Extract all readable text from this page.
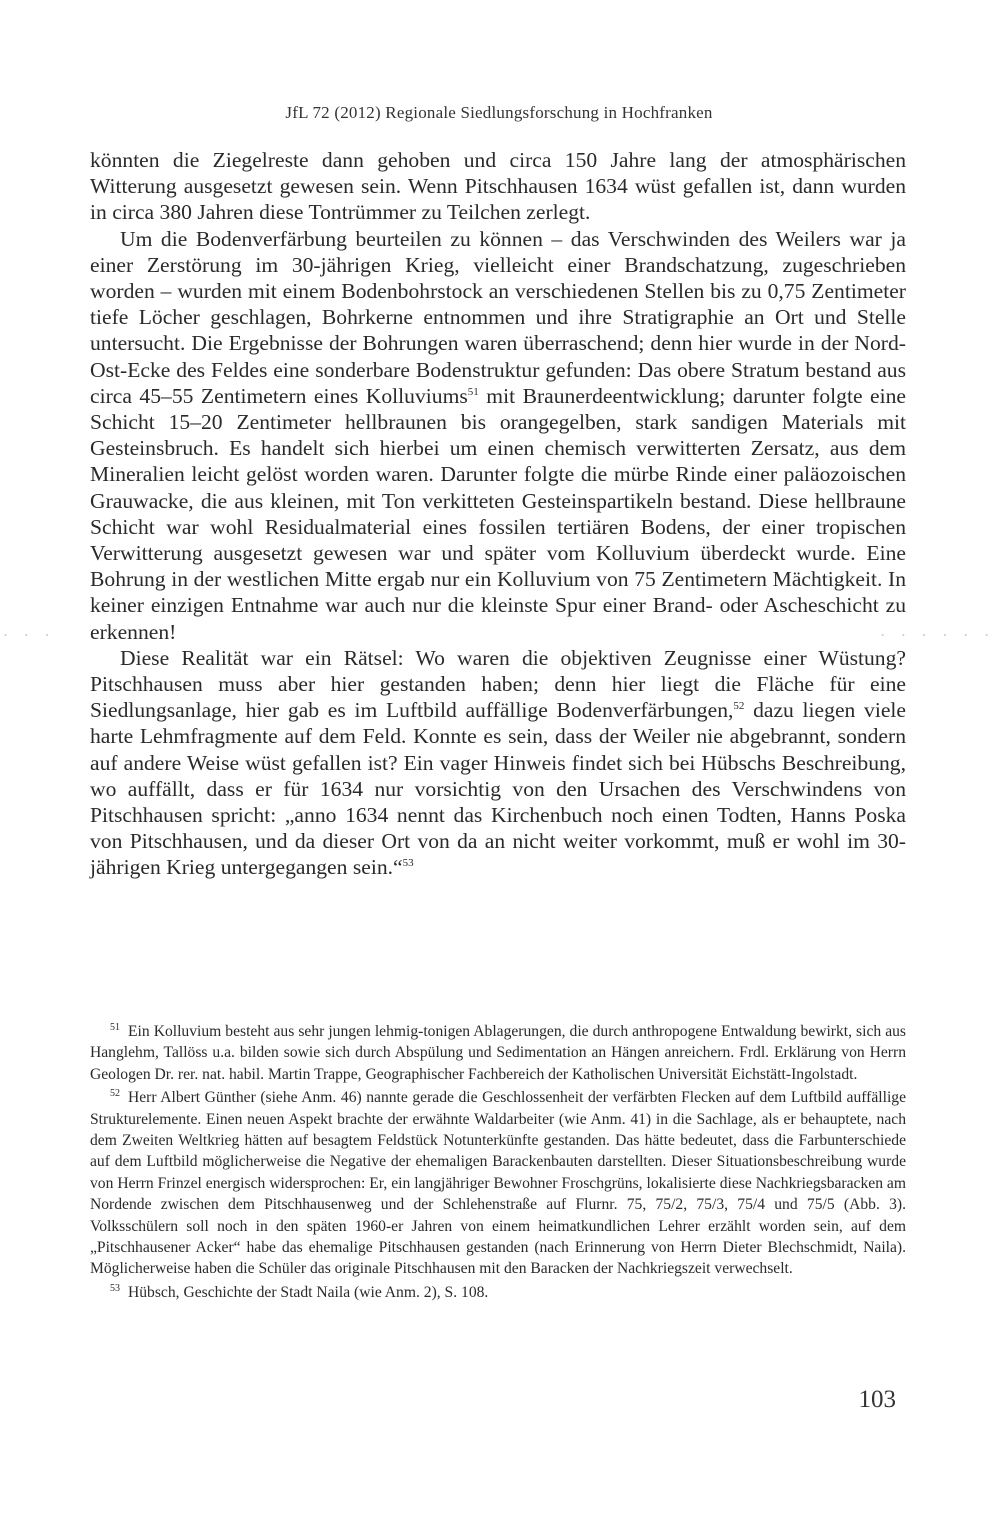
JfL 72 (2012) Regionale Siedlungsforschung in Hochfranken

könnten die Ziegelreste dann gehoben und circa 150 Jahre lang der atmosphärischen Witterung ausgesetzt gewesen sein. Wenn Pitschhausen 1634 wüst gefallen ist, dann wurden in circa 380 Jahren diese Tontrümmer zu Teilchen zerlegt.

Um die Bodenverfärbung beurteilen zu können – das Verschwinden des Weilers war ja einer Zerstörung im 30-jährigen Krieg, vielleicht einer Brandschatzung, zugeschrieben worden – wurden mit einem Bodenbohrstock an verschiedenen Stellen bis zu 0,75 Zentimeter tiefe Löcher geschlagen, Bohrkerne entnommen und ihre Stratigraphie an Ort und Stelle untersucht. Die Ergebnisse der Bohrungen waren überraschend; denn hier wurde in der Nord-Ost-Ecke des Feldes eine sonderbare Bodenstruktur gefunden: Das obere Stratum bestand aus circa 45–55 Zentimetern eines Kolluviums$^{51}$ mit Braunerdeentwicklung; darunter folgte eine Schicht 15–20 Zentimeter hellbraunen bis orangegelben, stark sandigen Materials mit Gesteinsbruch. Es handelt sich hierbei um einen chemisch verwitterten Zersatz, aus dem Mineralien leicht gelöst worden waren. Darunter folgte die mürbe Rinde einer paläozoischen Grauwacke, die aus kleinen, mit Ton verkitteten Gesteinspartikeln bestand. Diese hellbraune Schicht war wohl Residualmaterial eines fossilen tertiären Bodens, der einer tropischen Verwitterung ausgesetzt gewesen war und später vom Kolluvium überdeckt wurde. Eine Bohrung in der westlichen Mitte ergab nur ein Kolluvium von 75 Zentimetern Mächtigkeit. In keiner einzigen Entnahme war auch nur die kleinste Spur einer Brand- oder Ascheschicht zu erkennen!

Diese Realität war ein Rätsel: Wo waren die objektiven Zeugnisse einer Wüstung? Pitschhausen muss aber hier gestanden haben; denn hier liegt die Fläche für eine Siedlungsanlage, hier gab es im Luftbild auffällige Bodenverfärbungen,$^{52}$ dazu liegen viele harte Lehmfragmente auf dem Feld. Konnte es sein, dass der Weiler nie abgebrannt, sondern auf andere Weise wüst gefallen ist? Ein vager Hinweis findet sich bei Hübschs Beschreibung, wo auffällt, dass er für 1634 nur vorsichtig von den Ursachen des Verschwindens von Pitschhausen spricht: „anno 1634 nennt das Kirchenbuch noch einen Todten, Hanns Poska von Pitschhausen, und da dieser Ort von da an nicht weiter vorkommt, muß er wohl im 30-jährigen Krieg untergegangen sein.“$^{53}$

$^{51}$ Ein Kolluvium besteht aus sehr jungen lehmig-tonigen Ablagerungen, die durch anthropogene Entwaldung bewirkt, sich aus Hanglehm, Tallöss u.a. bilden sowie sich durch Abspülung und Sedimentation an Hängen anreichern. Frdl. Erklärung von Herrn Geologen Dr. rer. nat. habil. Martin Trappe, Geographischer Fachbereich der Katholischen Universität Eichstätt-Ingolstadt.

$^{52}$ Herr Albert Günther (siehe Anm. 46) nannte gerade die Geschlossenheit der verfärbten Flecken auf dem Luftbild auffällige Strukturelemente. Einen neuen Aspekt brachte der erwähnte Waldarbeiter (wie Anm. 41) in die Sachlage, als er behauptete, nach dem Zweiten Weltkrieg hätten auf besagtem Feldstück Notunterkünfte gestanden. Das hätte bedeutet, dass die Farbunterschiede auf dem Luftbild möglicherweise die Negative der ehemaligen Barackenbauten darstellten. Dieser Situationsbeschreibung wurde von Herrn Frinzel energisch widersprochen: Er, ein langjähriger Bewohner Froschgrüns, lokalisierte diese Nachkriegsbaracken am Nordende zwischen dem Pitschhausenweg und der Schlehenstraße auf Flurnr. 75, 75/2, 75/3, 75/4 und 75/5 (Abb. 3). Volksschülern soll noch in den späten 1960-er Jahren von einem heimatkundlichen Lehrer erzählt worden sein, auf dem „Pitschhausener Acker“ habe das ehemalige Pitschhausen gestanden (nach Erinnerung von Herrn Dieter Blechschmidt, Naila). Möglicherweise haben die Schüler das originale Pitschhausen mit den Baracken der Nachkriegszeit verwechselt.

$^{53}$ Hübsch, Geschichte der Stadt Naila (wie Anm. 2), S. 108.

103
• • •	• • • • • •
